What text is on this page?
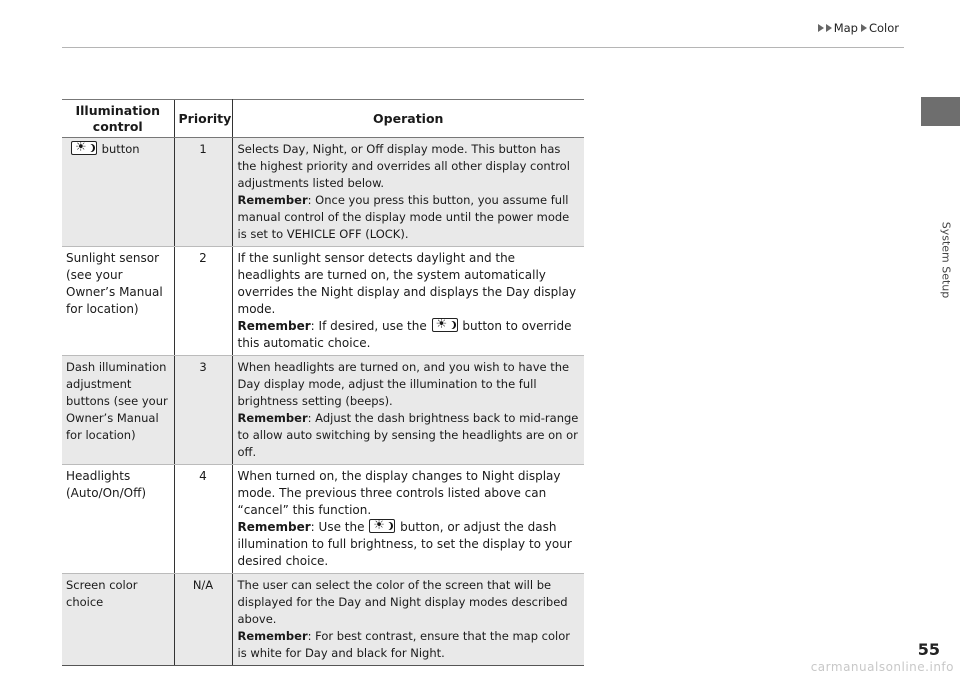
Map Color
System Setup
Illumination control	Priority	Operation

☀ button	1	Selects Day, Night, or Off display mode. This button has the highest priority and overrides all other display control adjustments listed below.
Remember: Once you press this button, you assume full manual control of the display mode until the power mode is set to VEHICLE OFF (LOCK).
Sunlight sensor (see your Owner’s Manual for location)	2	If the sunlight sensor detects daylight and the headlights are turned on, the system automatically overrides the Night display and displays the Day display mode.
Remember: If desired, use the ☀ button to override this automatic choice.
Dash illumination adjustment buttons (see your Owner’s Manual for location)	3	When headlights are turned on, and you wish to have the Day display mode, adjust the illumination to the full brightness setting (beeps).
Remember: Adjust the dash brightness back to mid-range to allow auto switching by sensing the headlights are on or off.
Headlights (Auto/On/Off)	4	When turned on, the display changes to Night display mode. The previous three controls listed above can “cancel” this function.
Remember: Use the ☀ button, or adjust the dash illumination to full brightness, to set the display to your desired choice.
Screen color choice	N/A	The user can select the color of the screen that will be displayed for the Day and Night display modes described above.
Remember: For best contrast, ensure that the map color is white for Day and black for Night.	55
carmanualsonline.info
